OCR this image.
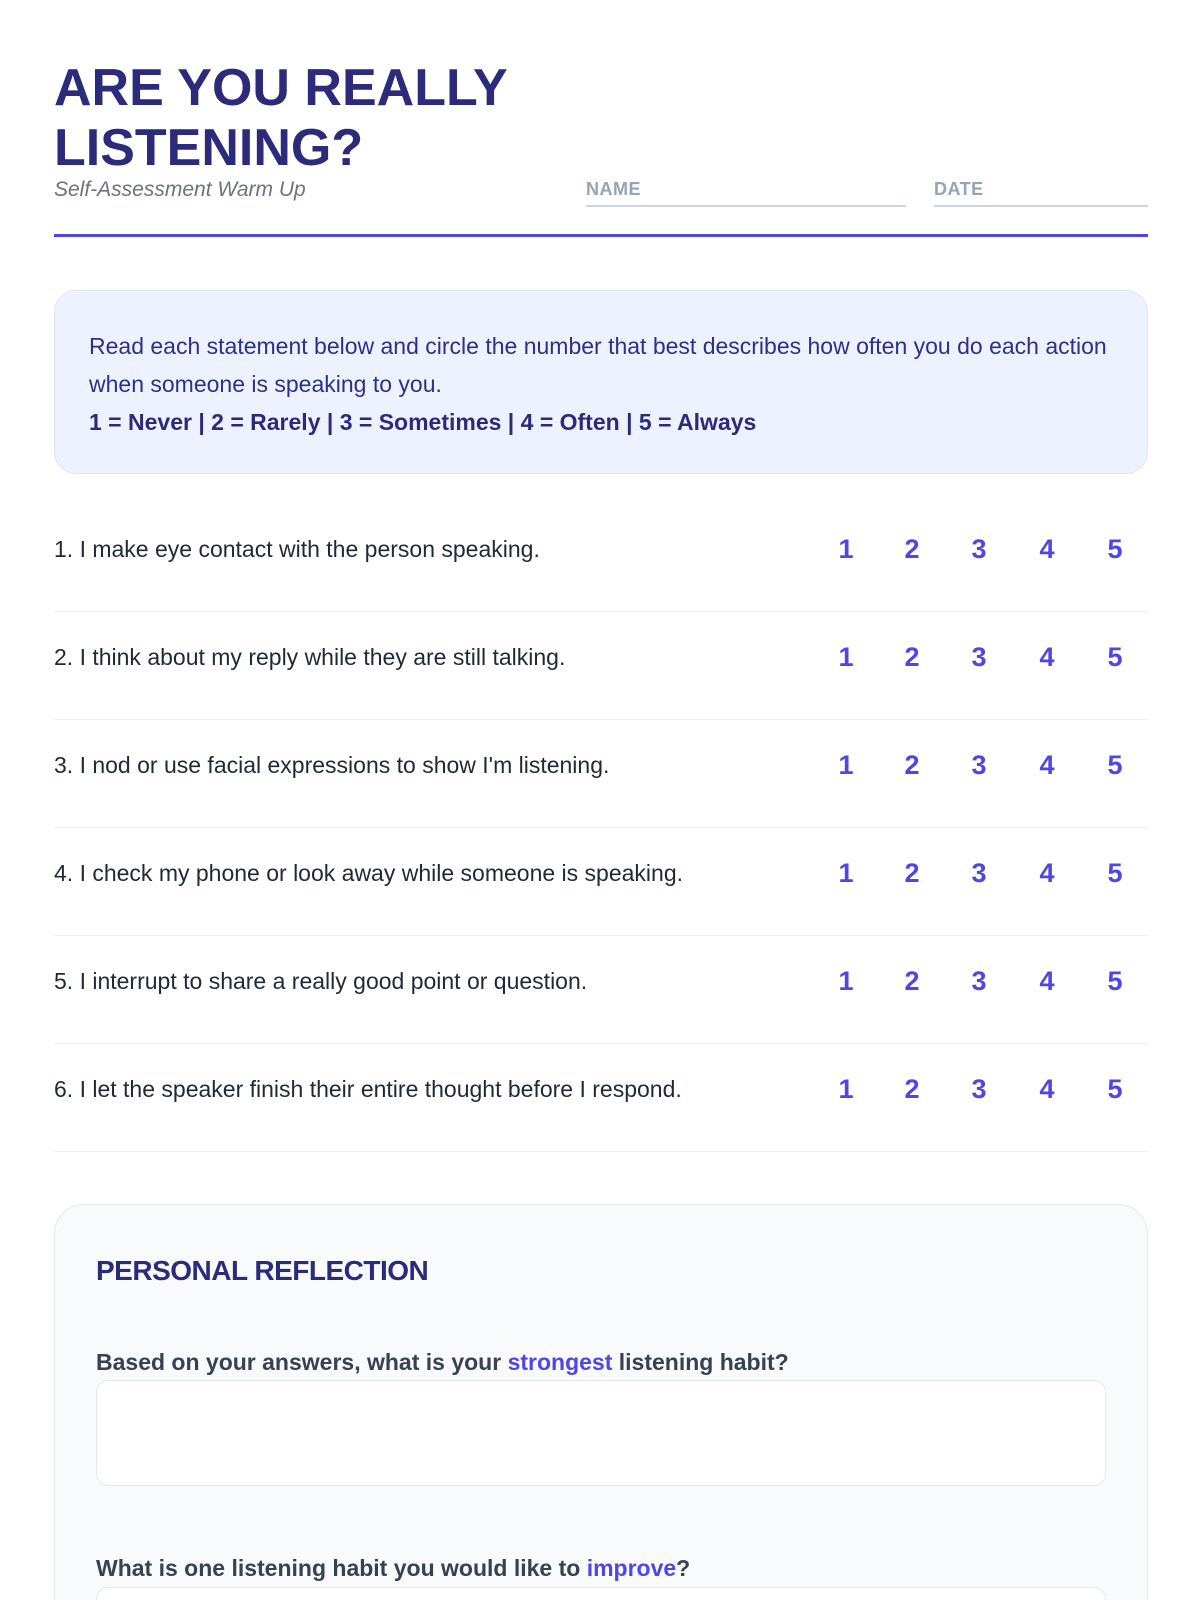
ARE YOU REALLY LISTENING?
Self-Assessment Warm Up	NAME	DATE

Read each statement below and circle the number that best describes how often you do each action when someone is speaking to you.

1 = Never | 2 = Rarely | 3 = Sometimes | 4 = Often | 5 = Always

1. I make eye contact with the person speaking.	1	2	3	4	5
2. I think about my reply while they are still talking.	1	2	3	4	5
3. I nod or use facial expressions to show I'm listening.	1	2	3	4	5
4. I check my phone or look away while someone is speaking.	1	2	3	4	5
5. I interrupt to share a really good point or question.	1	2	3	4	5
6. I let the speaker finish their entire thought before I respond.	1	2	3	4	5
PERSONAL REFLECTION

Based on your answers, what is your strongest listening habit?

What is one listening habit you would like to improve?
